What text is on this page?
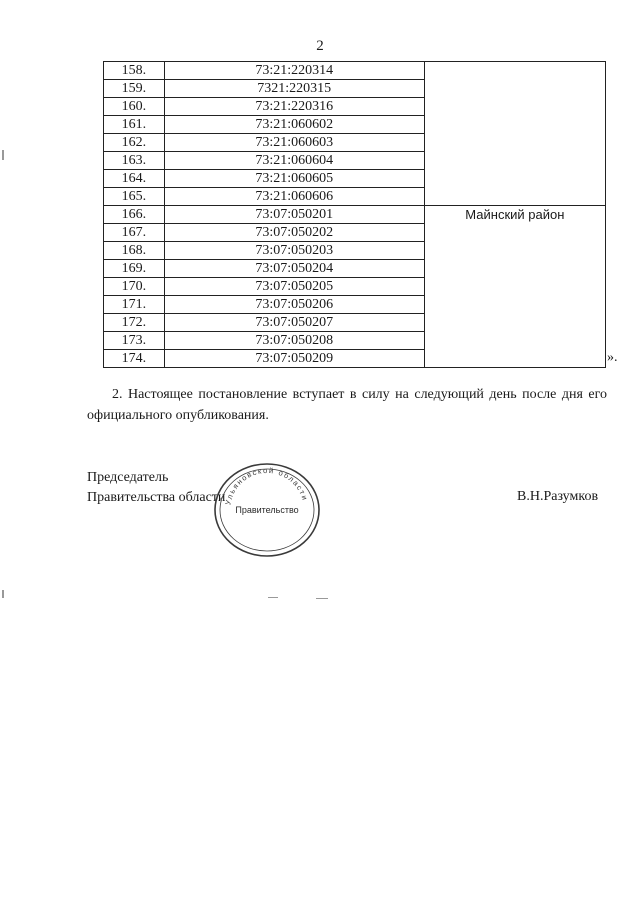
2
158.	73:21:220314	
159.	7321:220315	
160.	73:21:220316	
161.	73:21:060602	
162.	73:21:060603	
163.	73:21:060604	
164.	73:21:060605	
165.	73:21:060606	
166.	73:07:050201	Майнский район
167.	73:07:050202	
168.	73:07:050203	
169.	73:07:050204	
170.	73:07:050205	
171.	73:07:050206	
172.	73:07:050207	
173.	73:07:050208	
174.	73:07:050209		».
2. Настоящее постановление вступает в силу на следующий день после дня его официального опубликования.
Председатель
Правительства области	В.Н.Разумков
Ульяновской области
Правительство
